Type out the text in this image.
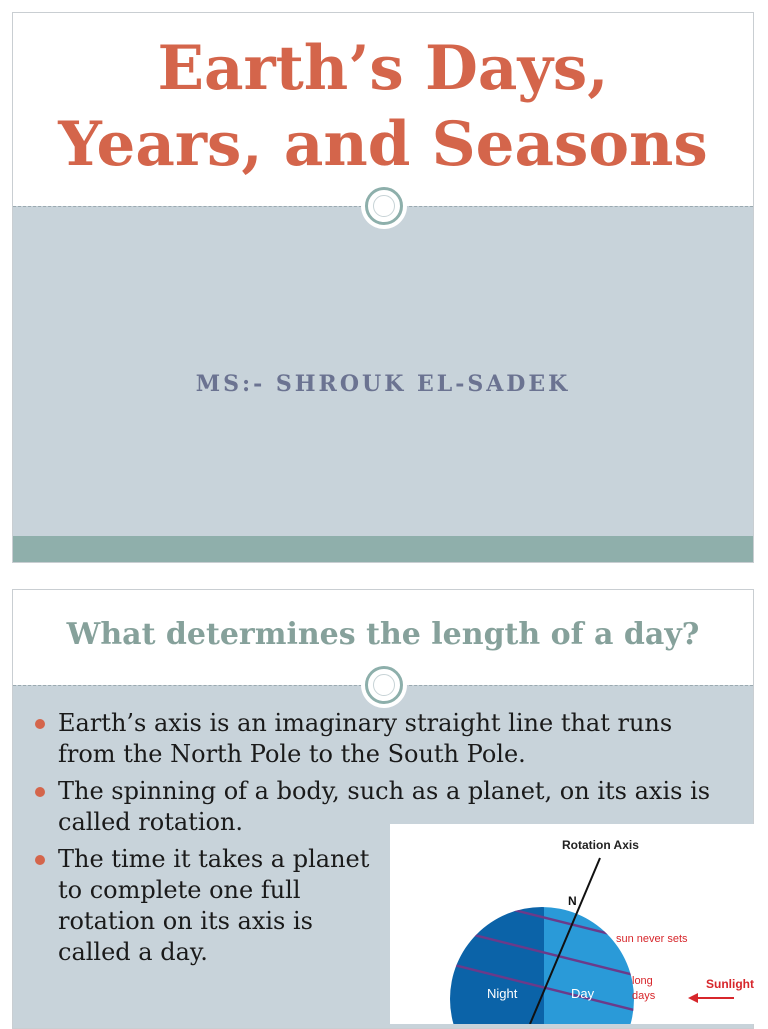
Earth’s Days,
Years, and Seasons
MS:- SHROUK EL-SADEK
What determines the length of a day?
Earth’s axis is an imaginary straight line that runs from the North Pole to the South Pole.
The spinning of a body, such as a planet, on its axis is called rotation.
The time it takes a planet to complete one full rotation on its axis is called a day.
Rotation Axis
N
sun never sets
long
days
Sunlight
Night	Day
